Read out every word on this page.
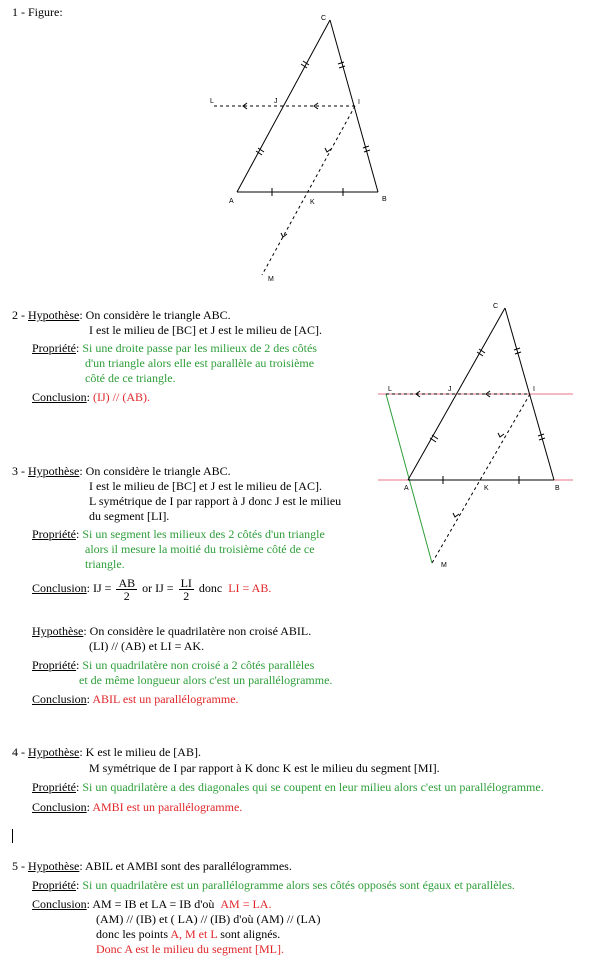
1 - Figure:	C
L	J	I
A	K	B
M
C
L	J	I
A	K	B
M
2 - Hypothèse: On considère le triangle ABC.
I est le milieu de [BC] et J est le milieu de [AC].
Propriété: Si une droite passe par les milieux de 2 des côtés
d'un triangle alors elle est parallèle au troisième
côté de ce triangle.
Conclusion: (IJ) // (AB).
3 - Hypothèse: On considère le triangle ABC.
I est le milieu de [BC] et J est le milieu de [AC].
L symétrique de I par rapport à J donc J est le milieu
du segment [LI].
Propriété: Si un segment les milieux des 2 côtés d'un triangle
alors il mesure la moitié du troisième côté de ce
triangle.
Conclusion: IJ = $\frac{AB}{2}$ or IJ = $\frac{LI}{2}$ donc LI = AB.
Hypothèse: On considère le quadrilatère non croisé ABIL.
(LI) // (AB) et LI = AK.
Propriété: Si un quadrilatère non croisé a 2 côtés parallèles
et de même longueur alors c'est un parallélogramme.
Conclusion: ABIL est un parallélogramme.
4 - Hypothèse: K est le milieu de [AB].
M symétrique de I par rapport à K donc K est le milieu du segment [MI].
Propriété: Si un quadrilatère a des diagonales qui se coupent en leur milieu alors c'est un parallélogramme.
Conclusion: AMBI est un parallélogramme.
5 - Hypothèse: ABIL et AMBI sont des parallélogrammes.
Propriété: Si un quadrilatère est un parallélogramme alors ses côtés opposés sont égaux et parallèles.
Conclusion: AM = IB et LA = IB d'où AM = LA.
(AM) // (IB) et ( LA) // (IB) d'où (AM) // (LA)
donc les points A, M et L sont alignés.
Donc A est le milieu du segment [ML].
